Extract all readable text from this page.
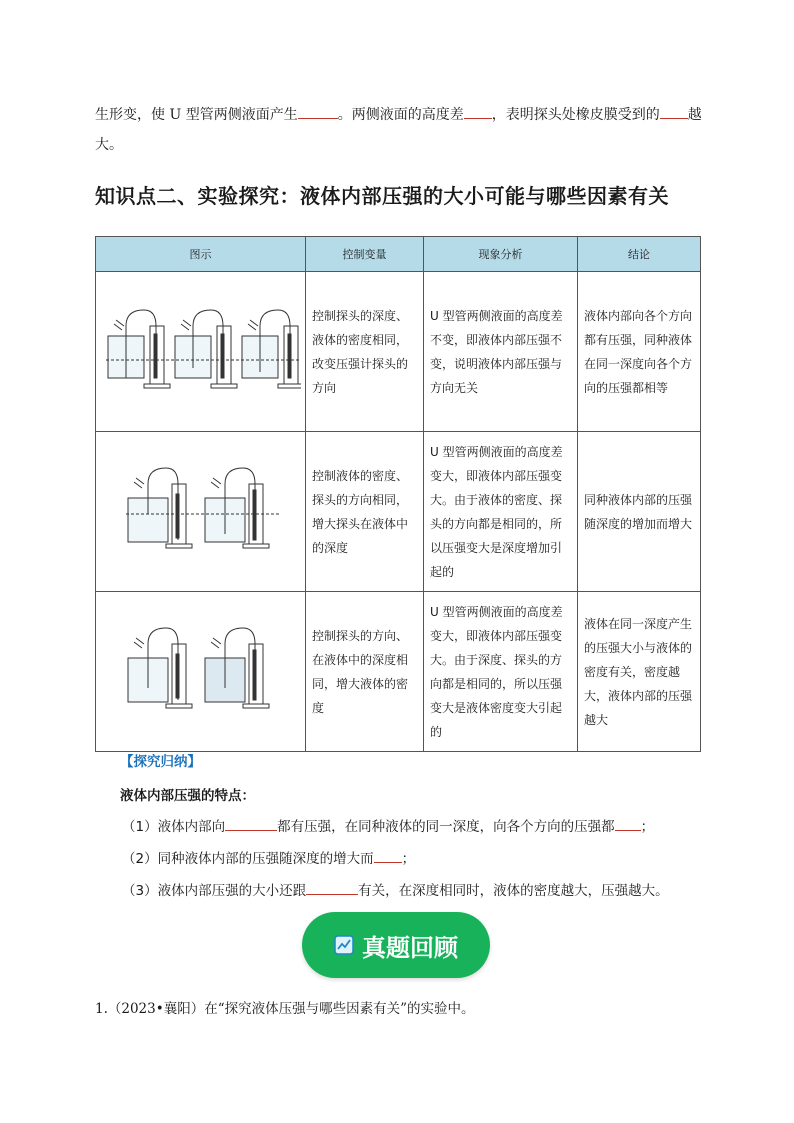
生形变，使 U 型管两侧液面产生	。两侧液面的高度差 ，表明探头处橡皮膜受到的 越大。
知识点二、实验探究：液体内部压强的大小可能与哪些因素有关
图示	控制变量	现象分析	结论
	控制探头的深度、液体的密度相同，改变压强计探头的方向	U 型管两侧液面的高度差不变，即液体内部压强不变，说明液体内部压强与方向无关	液体内部向各个方向都有压强，同种液体在同一深度向各个方向的压强都相等
	控制液体的密度、探头的方向相同，增大探头在液体中的深度	U 型管两侧液面的高度差变大，即液体内部压强变大。由于液体的密度、探头的方向都是相同的，所以压强变大是深度增加引起的	同种液体内部的压强随深度的增加而增大
	控制探头的方向、在液体中的深度相同，增大液体的密度	U 型管两侧液面的高度差变大，即液体内部压强变大。由于深度、探头的方向都是相同的，所以压强变大是液体密度变大引起的	液体在同一深度产生的压强大小与液体的密度有关，密度越大，液体内部的压强越大
【探究归纳】
液体内部压强的特点：
（1）液体内部向	都有压强，在同种液体的同一深度，向各个方向的压强都 ；
（2）同种液体内部的压强随深度的增大而 ；
（3）液体内部压强的大小还跟	有关，在深度相同时，液体的密度越大，压强越大。
真题回顾
1.（2023•襄阳）在“探究液体压强与哪些因素有关”的实验中。
